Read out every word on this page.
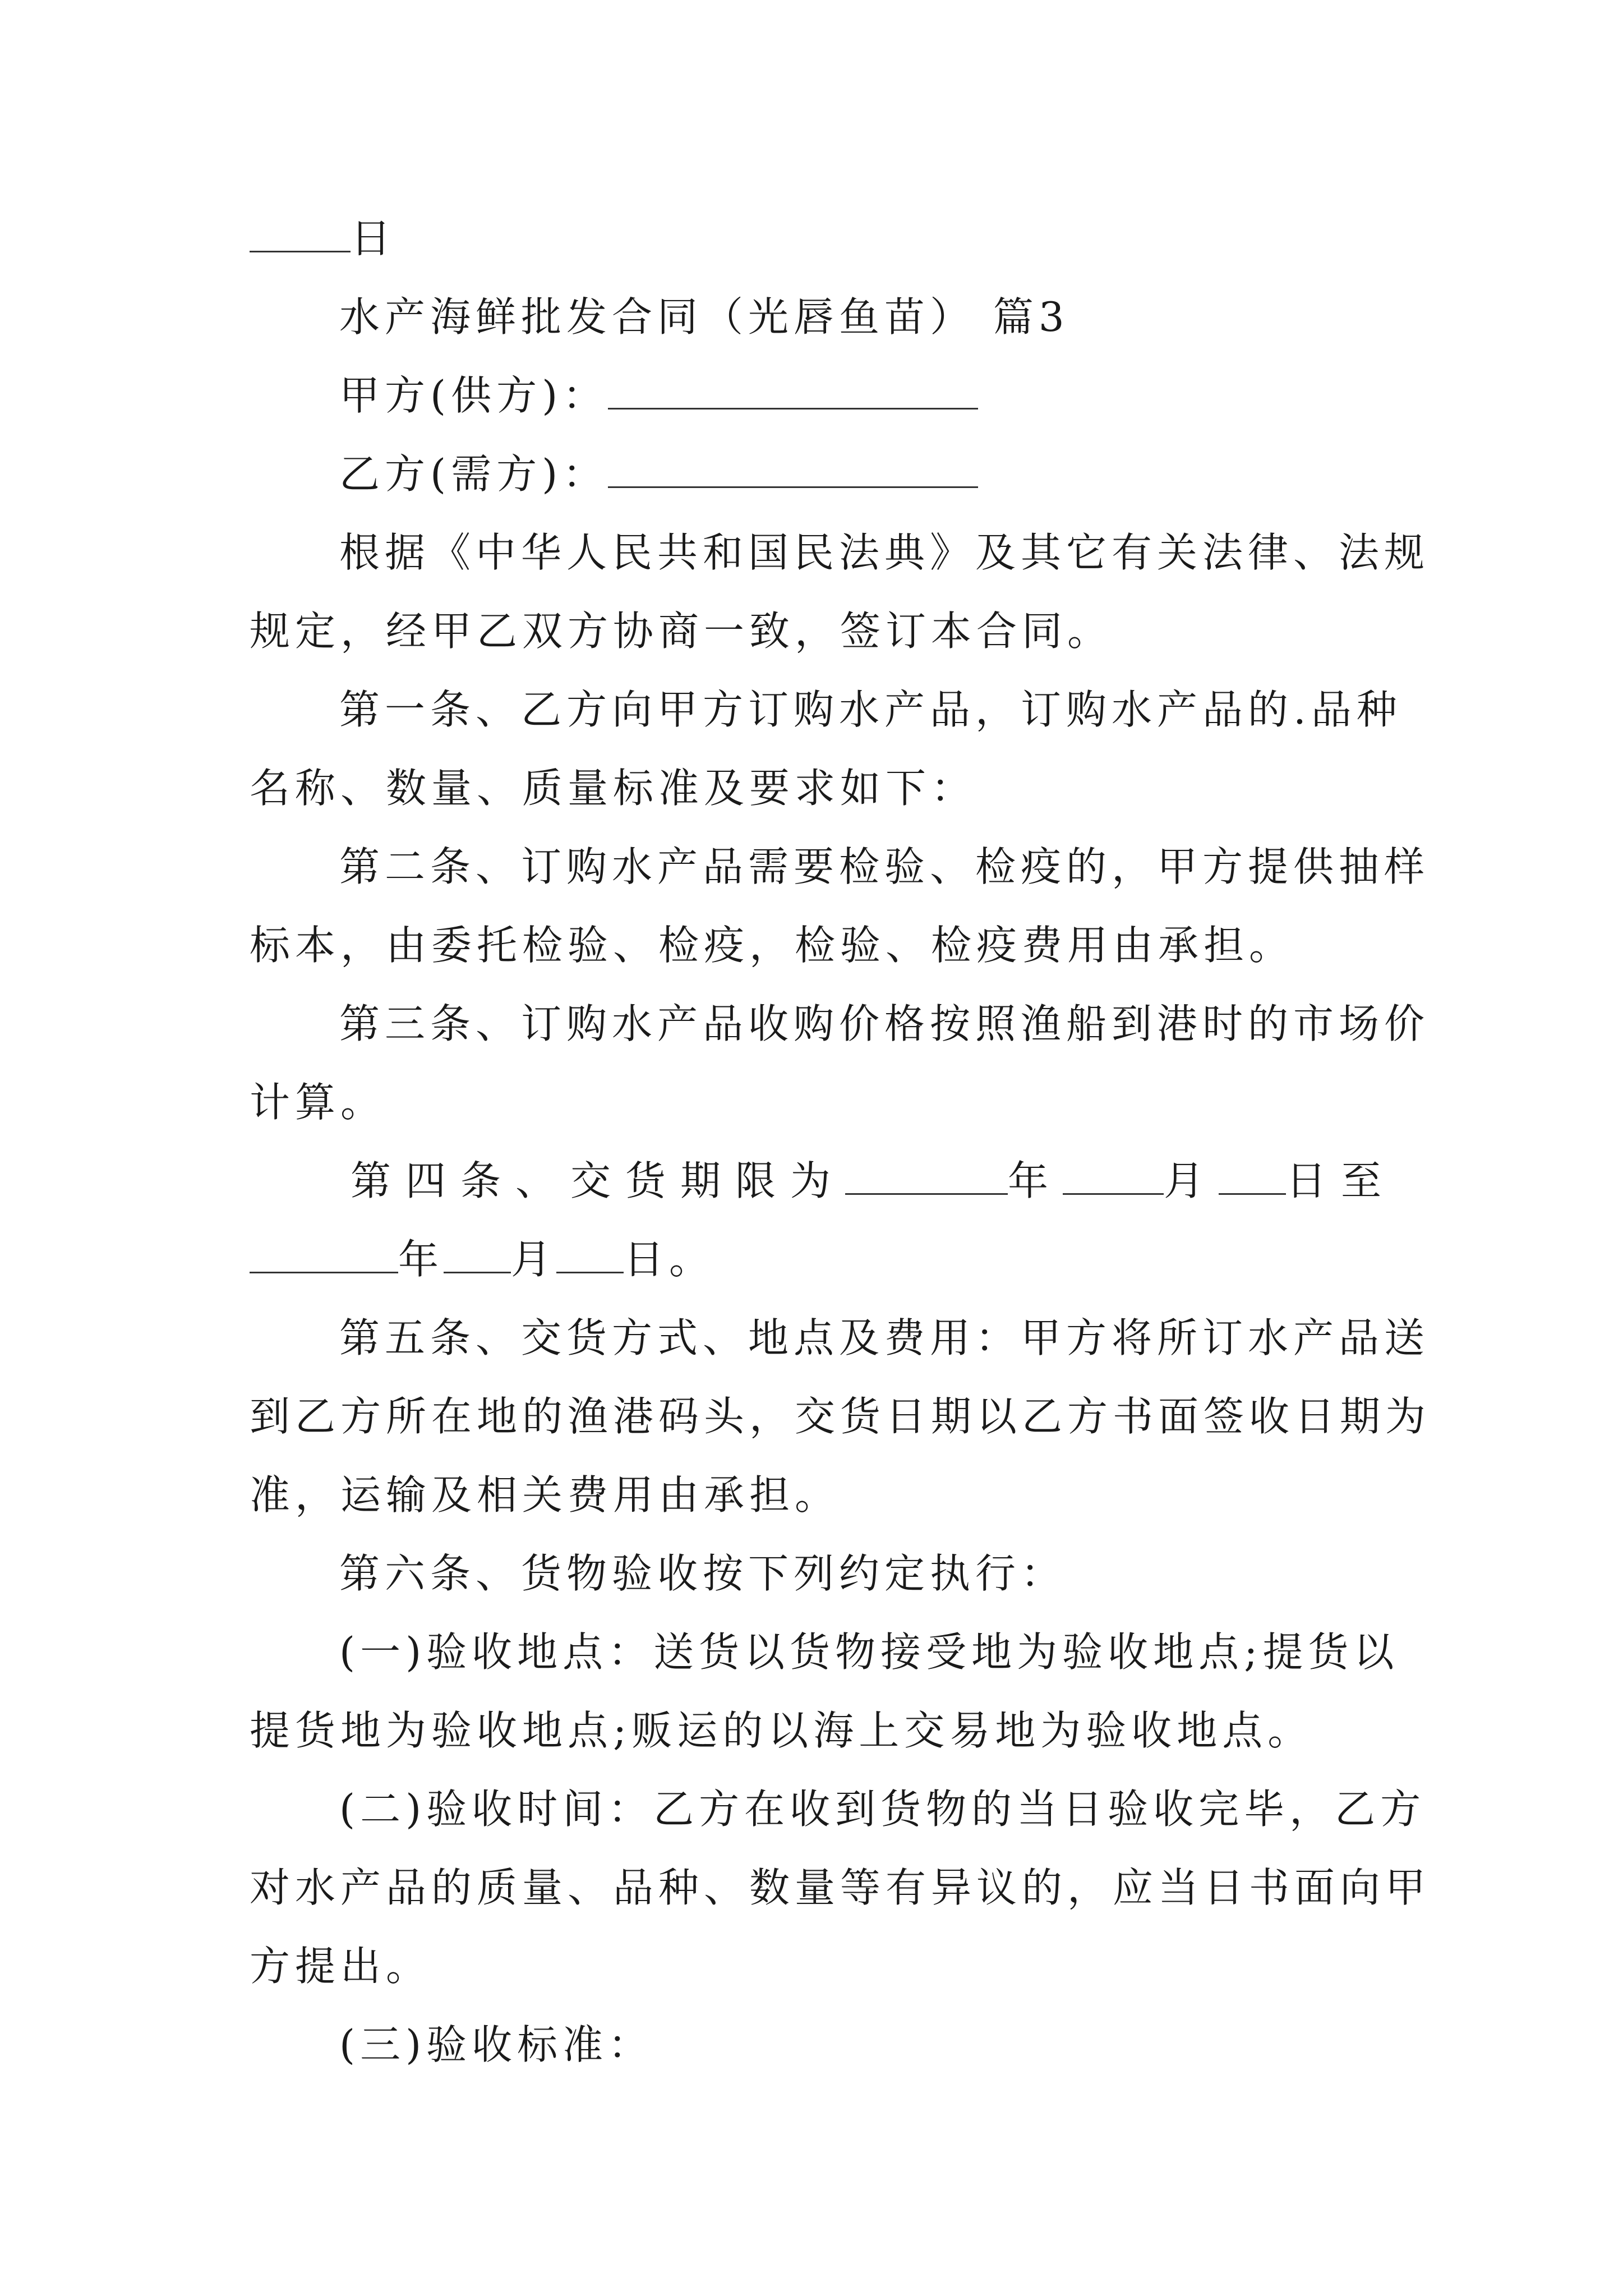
日
水产海鲜批发合同（光唇鱼苗） 篇3
甲方(供方)：
乙方(需方)：
根据《中华人民共和国民法典》及其它有关法律、法规
规定，经甲乙双方协商一致，签订本合同。
第一条、乙方向甲方订购水产品，订购水产品的.品种
名称、数量、质量标准及要求如下：
第二条、订购水产品需要检验、检疫的，甲方提供抽样
标本，由委托检验、检疫，检验、检疫费用由承担。
第三条、订购水产品收购价格按照渔船到港时的市场价
计算。
第四条、交货期限为	年	月 日至
年 月 日。
第五条、交货方式、地点及费用：甲方将所订水产品送
到乙方所在地的渔港码头，交货日期以乙方书面签收日期为
准，运输及相关费用由承担。
第六条、货物验收按下列约定执行：
(一)验收地点：送货以货物接受地为验收地点;提货以
提货地为验收地点;贩运的以海上交易地为验收地点。
(二)验收时间：乙方在收到货物的当日验收完毕，乙方
对水产品的质量、品种、数量等有异议的，应当日书面向甲
方提出。
(三)验收标准：
